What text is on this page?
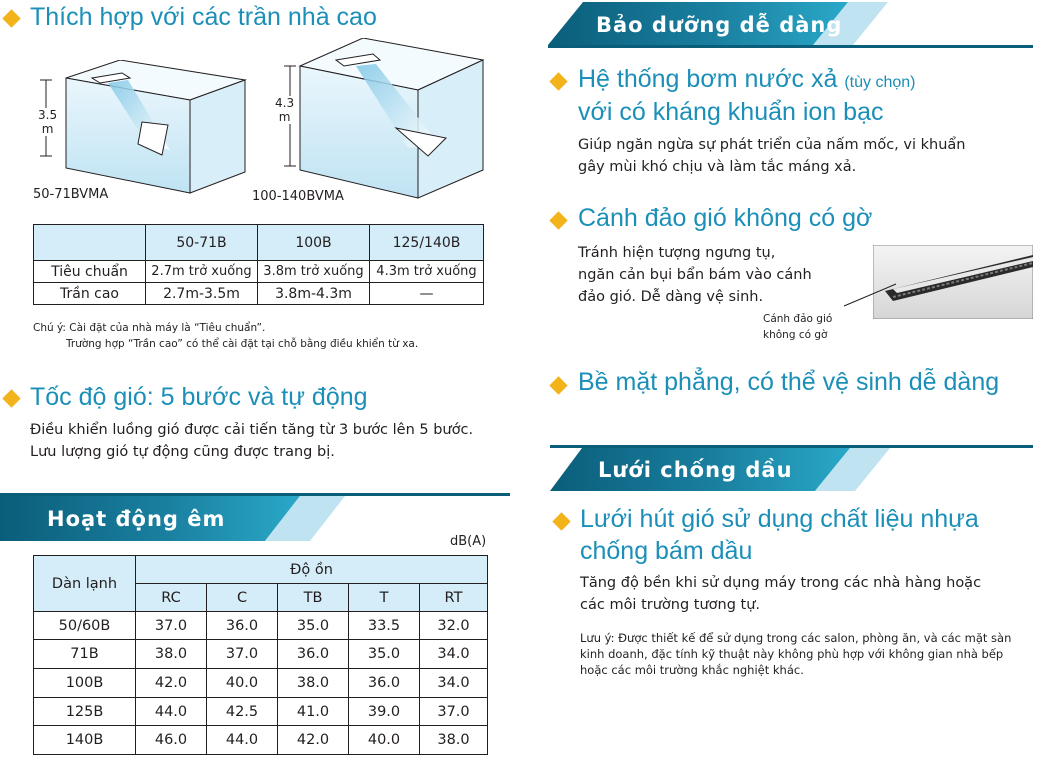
Thích hợp với các trần nhà cao
3.5
m
50-71BVMA
4.3
m
100-140BVMA
	50-71B	100B	125/140B
Tiêu chuẩn	2.7m trở xuống	3.8m trở xuống	4.3m trở xuống
Trần cao	2.7m-3.5m	3.8m-4.3m	—
Chú ý: Cài đặt của nhà máy là “Tiêu chuẩn”.
Trường hợp “Trần cao” có thể cài đặt tại chỗ bằng điều khiển từ xa.
Tốc độ gió: 5 bước và tự động
Điều khiển luồng gió được cải tiến tăng từ 3 bước lên 5 bước.
Lưu lượng gió tự động cũng được trang bị.
Hoạt động êm
dB(A)
Dàn lạnh	Độ ồn				
	RC	C	TB	T	RT
50/60B	37.0	36.0	35.0	33.5	32.0
71B	38.0	37.0	36.0	35.0	34.0
100B	42.0	40.0	38.0	36.0	34.0
125B	44.0	42.5	41.0	39.0	37.0
140B	46.0	44.0	42.0	40.0	38.0
Bảo dưỡng dễ dàng
Hệ thống bơm nước xả (tùy chọn)
với có kháng khuẩn ion bạc
Giúp ngăn ngừa sự phát triển của nấm mốc, vi khuẩn
gây mùi khó chịu và làm tắc máng xả.
Cánh đảo gió không có gờ
Tránh hiện tượng ngưng tụ,
ngăn cản bụi bẩn bám vào cánh
đảo gió. Dễ dàng vệ sinh.
Cánh đảo gió
không có gờ
Bề mặt phẳng, có thể vệ sinh dễ dàng
Lưới chống dầu
Lưới hút gió sử dụng chất liệu nhựa
chống bám dầu
Tăng độ bền khi sử dụng máy trong các nhà hàng hoặc
các môi trường tương tự.
Lưu ý: Được thiết kế để sử dụng trong các salon, phòng ăn, và các mặt sàn
kinh doanh, đặc tính kỹ thuật này không phù hợp với không gian nhà bếp
hoặc các môi trường khắc nghiệt khác.
